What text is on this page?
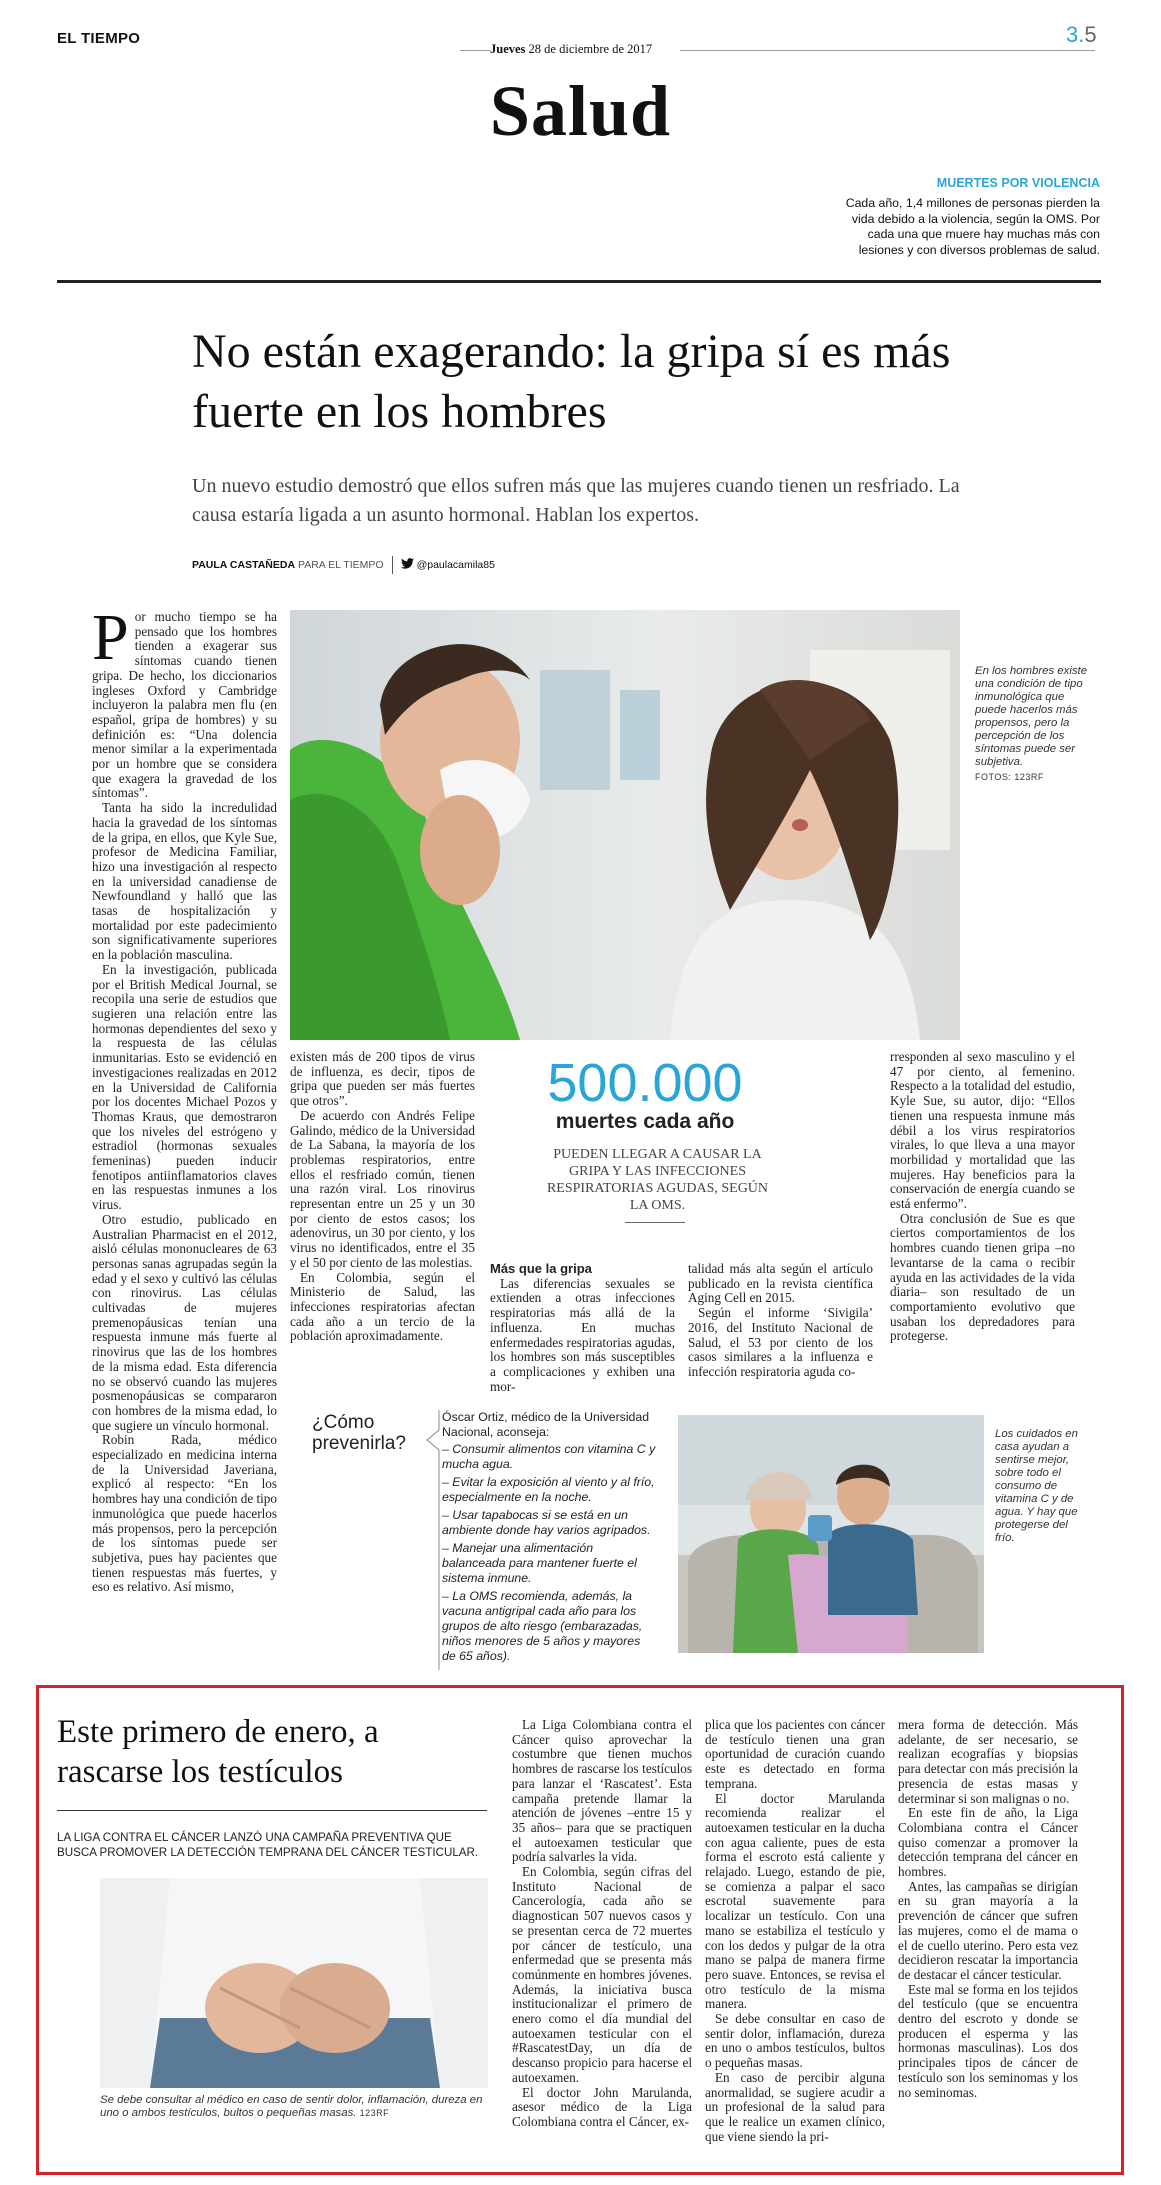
EL TIEMPO
Jueves 28 de diciembre de 2017
3.5
Salud
MUERTES POR VIOLENCIA
Cada año, 1,4 millones de personas pierden la vida debido a la violencia, según la OMS. Por cada una que muere hay muchas más con lesiones y con diversos problemas de salud.
No están exagerando: la gripa sí es más fuerte en los hombres
Un nuevo estudio demostró que ellos sufren más que las mujeres cuando tienen un resfriado. La causa estaría ligada a un asunto hormonal. Hablan los expertos.
PAULA CASTAÑEDA
PARA EL TIEMPO	@paulacamila85
En los hombres existe una condición de tipo inmunológica que puede hacerlos más propensos, pero la percepción de los síntomas puede ser subjetiva.
FOTOS: 123RF
P or mucho tiempo se ha pensado que los hombres tienden a exagerar sus síntomas cuando tienen gripa. De hecho, los diccionarios ingleses Oxford y Cambridge incluyeron la palabra men flu (en español, gripa de hombres) y su definición es: “Una dolencia menor similar a la experimentada por un hombre que se considera que exagera la gravedad de los síntomas”.

Tanta ha sido la incredulidad hacia la gravedad de los síntomas de la gripa, en ellos, que Kyle Sue, profesor de Medicina Familiar, hizo una investigación al respecto en la universidad canadiense de Newfoundland y halló que las tasas de hospitalización y mortalidad por este padecimiento son significativamente superiores en la población masculina.

En la investigación, publicada por el British Medical Journal, se recopila una serie de estudios que sugieren una relación entre las hormonas dependientes del sexo y la respuesta de las células inmunitarias. Esto se evidenció en investigaciones realizadas en 2012 en la Universidad de California por los docentes Michael Pozos y Thomas Kraus, que demostraron que los niveles del estrógeno y estradiol (hormonas sexuales femeninas) pueden inducir fenotipos antiinflamatorios claves en las respuestas inmunes a los virus.

Otro estudio, publicado en Australian Pharmacist en el 2012, aisló células mononucleares de 63 personas sanas agrupadas según la edad y el sexo y cultivó las células con rinovirus. Las células cultivadas de mujeres premenopáusicas tenían una respuesta inmune más fuerte al rinovirus que las de los hombres de la misma edad. Esta diferencia no se observó cuando las mujeres posmenopáusicas se compararon con hombres de la misma edad, lo que sugiere un vínculo hormonal.

Robin Rada, médico especializado en medicina interna de la Universidad Javeriana, explicó al respecto: “En los hombres hay una condición de tipo inmunológica que puede hacerlos más propensos, pero la percepción de los síntomas puede ser subjetiva, pues hay pacientes que tienen respuestas más fuertes, y eso es relativo. Así mismo,

existen más de 200 tipos de virus de influenza, es decir, tipos de gripa que pueden ser más fuertes que otros”.

De acuerdo con Andrés Felipe Galindo, médico de la Universidad de La Sabana, la mayoría de los problemas respiratorios, entre ellos el resfriado común, tienen una razón viral. Los rinovirus representan entre un 25 y un 30 por ciento de estos casos; los adenovirus, un 30 por ciento, y los virus no identificados, entre el 35 y el 50 por ciento de las molestias.

En Colombia, según el Ministerio de Salud, las infecciones respiratorias afectan cada año a un tercio de la población aproximadamente.

500.000
muertes cada año
PUEDEN LLEGAR A CAUSAR LA GRIPA Y LAS INFECCIONES RESPIRATORIAS AGUDAS, SEGÚN LA OMS.

Más que la gripa

Las diferencias sexuales se extienden a otras infecciones respiratorias más allá de la influenza. En muchas enfermedades respiratorias agudas, los hombres son más susceptibles a complicaciones y exhiben una mor-

talidad más alta según el artículo publicado en la revista científica Aging Cell en 2015.

Según el informe ‘Sivigila’ 2016, del Instituto Nacional de Salud, el 53 por ciento de los casos similares a la influenza e infección respiratoria aguda co-

rresponden al sexo masculino y el 47 por ciento, al femenino. Respecto a la totalidad del estudio, Kyle Sue, su autor, dijo: “Ellos tienen una respuesta inmune más débil a los virus respiratorios virales, lo que lleva a una mayor morbilidad y mortalidad que las mujeres. Hay beneficios para la conservación de energía cuando se está enfermo”.

Otra conclusión de Sue es que ciertos comportamientos de los hombres cuando tienen gripa –no levantarse de la cama o recibir ayuda en las actividades de la vida diaria– son resultado de un comportamiento evolutivo que usaban los depredadores para protegerse.

¿Cómo prevenirla?
Óscar Ortiz, médico de la Universidad Nacional, aconseja:
– Consumir alimentos con vitamina C y mucha agua.
– Evitar la exposición al viento y al frío, especialmente en la noche.
– Usar tapabocas si se está en un ambiente donde hay varios agripados.
– Manejar una alimentación balanceada para mantener fuerte el sistema inmune.
– La OMS recomienda, además, la vacuna antigripal cada año para los grupos de alto riesgo (embarazadas, niños menores de 5 años y mayores de 65 años).
Los cuidados en casa ayudan a sentirse mejor, sobre todo el consumo de vitamina C y de agua. Y hay que protegerse del frío.
Este primero de enero, a rascarse los testículos
LA LIGA CONTRA EL CÁNCER LANZÓ UNA CAMPAÑA PREVENTIVA QUE BUSCA PROMOVER LA DETECCIÓN TEMPRANA DEL CÁNCER TESTICULAR.
Se debe consultar al médico en caso de sentir dolor, inflamación, dureza en uno o ambos testículos, bultos o pequeñas masas. 123RF

La Liga Colombiana contra el Cáncer quiso aprovechar la costumbre que tienen muchos hombres de rascarse los testículos para lanzar el ‘Rascatest’. Esta campaña pretende llamar la atención de jóvenes –entre 15 y 35 años– para que se practiquen el autoexamen testicular que podría salvarles la vida.

En Colombia, según cifras del Instituto Nacional de Cancerología, cada año se diagnostican 507 nuevos casos y se presentan cerca de 72 muertes por cáncer de testículo, una enfermedad que se presenta más comúnmente en hombres jóvenes. Además, la iniciativa busca institucionalizar el primero de enero como el día mundial del autoexamen testicular con el #RascatestDay, un día de descanso propicio para hacerse el autoexamen.

El doctor John Marulanda, asesor médico de la Liga Colombiana contra el Cáncer, ex-

plica que los pacientes con cáncer de testículo tienen una gran oportunidad de curación cuando este es detectado en forma temprana.

El doctor Marulanda recomienda realizar el autoexamen testicular en la ducha con agua caliente, pues de esta forma el escroto está caliente y relajado. Luego, estando de pie, se comienza a palpar el saco escrotal suavemente para localizar un testículo. Con una mano se estabiliza el testículo y con los dedos y pulgar de la otra mano se palpa de manera firme pero suave. Entonces, se revisa el otro testículo de la misma manera.

Se debe consultar en caso de sentir dolor, inflamación, dureza en uno o ambos testículos, bultos o pequeñas masas.

En caso de percibir alguna anormalidad, se sugiere acudir a un profesional de la salud para que le realice un examen clínico, que viene siendo la pri-

mera forma de detección. Más adelante, de ser necesario, se realizan ecografías y biopsias para detectar con más precisión la presencia de estas masas y determinar si son malignas o no.

En este fin de año, la Liga Colombiana contra el Cáncer quiso comenzar a promover la detección temprana del cáncer en hombres.

Antes, las campañas se dirigían en su gran mayoría a la prevención de cáncer que sufren las mujeres, como el de mama o el de cuello uterino. Pero esta vez decidieron rescatar la importancia de destacar el cáncer testicular.

Este mal se forma en los tejidos del testículo (que se encuentra dentro del escroto y donde se producen el esperma y las hormonas masculinas). Los dos principales tipos de cáncer de testículo son los seminomas y los no seminomas.
